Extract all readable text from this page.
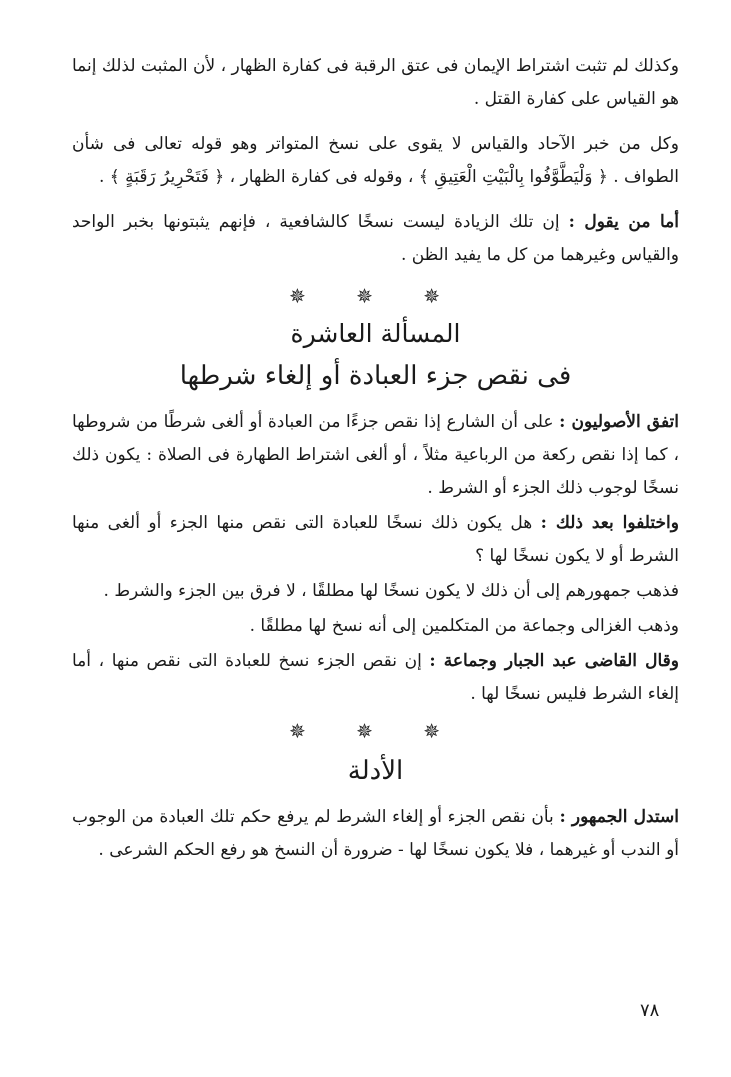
وكذلك لم تثبت اشتراط الإيمان فى عتق الرقبة فى كفارة الظهار ، لأن المثبت لذلك إنما هو القياس على كفارة القتل .

وكل من خبر الآحاد والقياس لا يقوى على نسخ المتواتر وهو قوله تعالى فى شأن الطواف . ﴿ وَلْيَطَّوَّفُوا بِالْبَيْتِ الْعَتِيقِ ﴾ ، وقوله فى كفارة الظهار ، ﴿ فَتَحْرِيرُ رَقَبَةٍ ﴾ .

أما من يقول : إن تلك الزيادة ليست نسخًا كالشافعية ، فإنهم يثبتونها بخبر الواحد والقياس وغيرهما من كل ما يفيد الظن .

✵ ✵ ✵
المسألة العاشرة
فى نقص جزء العبادة أو إلغاء شرطها

اتفق الأصوليون : على أن الشارع إذا نقص جزءًا من العبادة أو ألغى شرطًا من شروطها ، كما إذا نقص ركعة من الرباعية مثلاً ، أو ألغى اشتراط الطهارة فى الصلاة : يكون ذلك نسخًا لوجوب ذلك الجزء أو الشرط .

واختلفوا بعد ذلك : هل يكون ذلك نسخًا للعبادة التى نقص منها الجزء أو ألغى منها الشرط أو لا يكون نسخًا لها ؟

فذهب جمهورهم إلى أن ذلك لا يكون نسخًا لها مطلقًا ، لا فرق بين الجزء والشرط .

وذهب الغزالى وجماعة من المتكلمين إلى أنه نسخ لها مطلقًا .

وقال القاضى عبد الجبار وجماعة : إن نقص الجزء نسخ للعبادة التى نقص منها ، أما إلغاء الشرط فليس نسخًا لها .

✵ ✵ ✵
الأدلة

استدل الجمهور : بأن نقص الجزء أو إلغاء الشرط لم يرفع حكم تلك العبادة من الوجوب أو الندب أو غيرهما ، فلا يكون نسخًا لها - ضرورة أن النسخ هو رفع الحكم الشرعى .

٧٨
